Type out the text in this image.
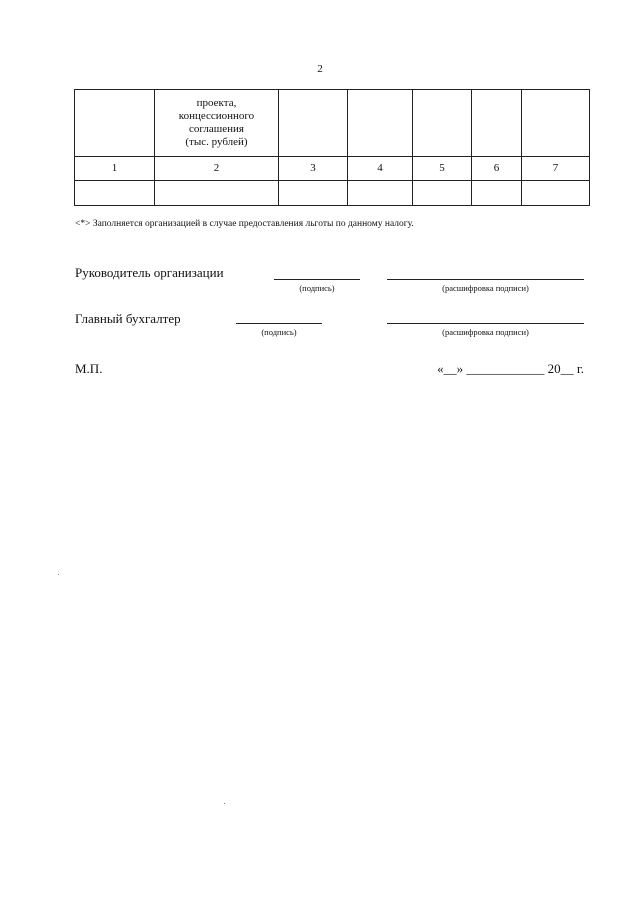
2

	проекта,
концессионного
соглашения
(тыс. рублей)					

1	2	3	4	5	6	7

<*> Заполняется организацией в случае предоставления льготы по данному налогу.
Руководитель организации
(подпись)	(расшифровка подписи)
Главный бухгалтер
(подпись)	(расшифровка подписи)
М.П.	«__» ____________ 20__ г.
